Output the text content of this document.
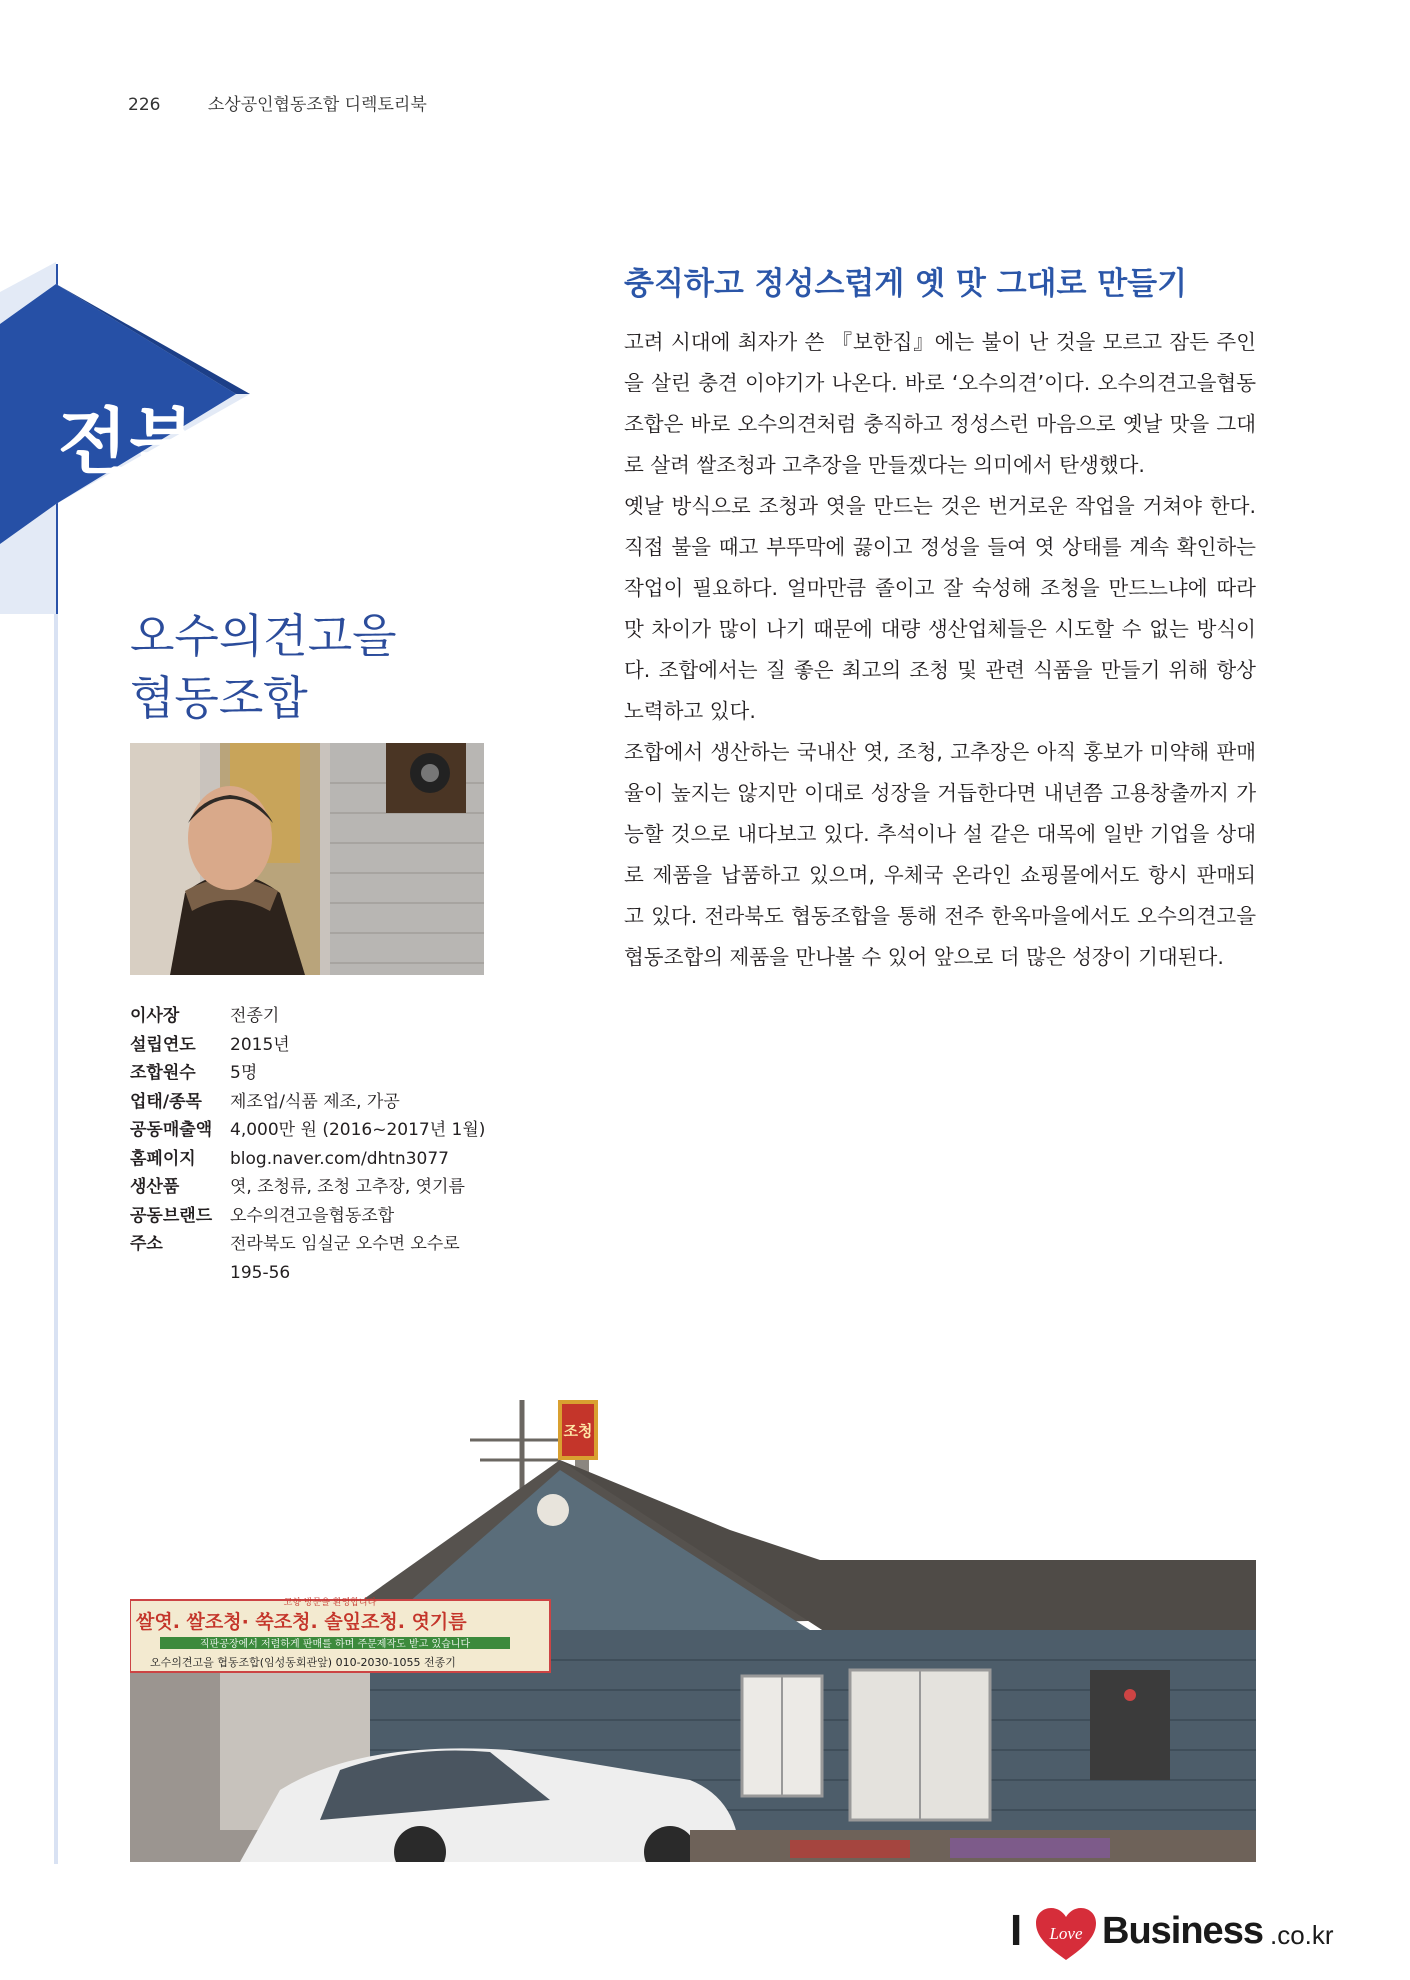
226	소상공인협동조합 디렉토리북
전북
오수의견고을
협동조합
이사장	전종기
설립연도	2015년
조합원수	5명
업태/종목	제조업/식품 제조, 가공
공동매출액	4,000만 원 (2016~2017년 1월)
홈페이지	blog.naver.com/dhtn3077
생산품	엿, 조청류, 조청 고추장, 엿기름
공동브랜드	오수의견고을협동조합
주소	전라북도 임실군 오수면 오수로 195-56
충직하고 정성스럽게 옛 맛 그대로 만들기

고려 시대에 최자가 쓴 『보한집』에는 불이 난 것을 모르고 잠든 주인을 살린 충견 이야기가 나온다. 바로 ‘오수의견’이다. 오수의견고을협동조합은 바로 오수의견처럼 충직하고 정성스런 마음으로 옛날 맛을 그대로 살려 쌀조청과 고추장을 만들겠다는 의미에서 탄생했다.

옛날 방식으로 조청과 엿을 만드는 것은 번거로운 작업을 거쳐야 한다. 직접 불을 때고 부뚜막에 끓이고 정성을 들여 엿 상태를 계속 확인하는 작업이 필요하다. 얼마만큼 졸이고 잘 숙성해 조청을 만드느냐에 따라 맛 차이가 많이 나기 때문에 대량 생산업체들은 시도할 수 없는 방식이다. 조합에서는 질 좋은 최고의 조청 및 관련 식품을 만들기 위해 항상 노력하고 있다.

조합에서 생산하는 국내산 엿, 조청, 고추장은 아직 홍보가 미약해 판매율이 높지는 않지만 이대로 성장을 거듭한다면 내년쯤 고용창출까지 가능할 것으로 내다보고 있다. 추석이나 설 같은 대목에 일반 기업을 상대로 제품을 납품하고 있으며, 우체국 온라인 쇼핑몰에서도 항시 판매되고 있다. 전라북도 협동조합을 통해 전주 한옥마을에서도 오수의견고을협동조합의 제품을 만나볼 수 있어 앞으로 더 많은 성장이 기대된다.

조청
고향 방문을 환영합니다
쌀엿. 쌀조청· 쑥조청. 솔잎조청. 엿기름
직판공장에서 저렴하게 판매를 하며 주문제작도 받고 있습니다
오수의견고을 협동조합(임성동회관앞) 010-2030-1055 전종기
I Love Business .co.kr
